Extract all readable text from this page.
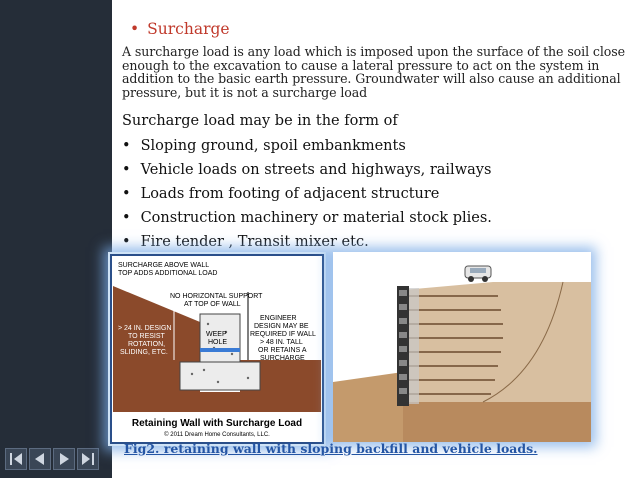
• Surcharge
A surcharge load is any load which is imposed upon the surface of the soil close enough to the excavation to cause a lateral pressure to act on the system in addition to the basic earth pressure. Groundwater will also cause an additional pressure, but it is not a surcharge load
Surcharge load may be in the form of
• Sloping ground, spoil embankments
• Vehicle loads on streets and highways, railways
• Loads from footing of adjacent structure
• Construction machinery or material stock plies.
• Fire tender , Transit mixer etc.
SURCHARGE ABOVE WALL
TOP ADDS ADDITIONAL LOAD
NO HORIZONTAL SUPPORT
AT TOP OF WALL
> 24 IN. DESIGN
TO RESIST
ROTATION,
SLIDING, ETC.
WEEP
HOLE
ENGINEER
DESIGN MAY BE
REQUIRED IF WALL
> 48 IN. TALL
OR RETAINS A
SURCHARGE
Retaining Wall with Surcharge Load
© 2011 Dream Home Consultants, LLC.
Fig2. retaining wall with sloping backfill and vehicle loads.
